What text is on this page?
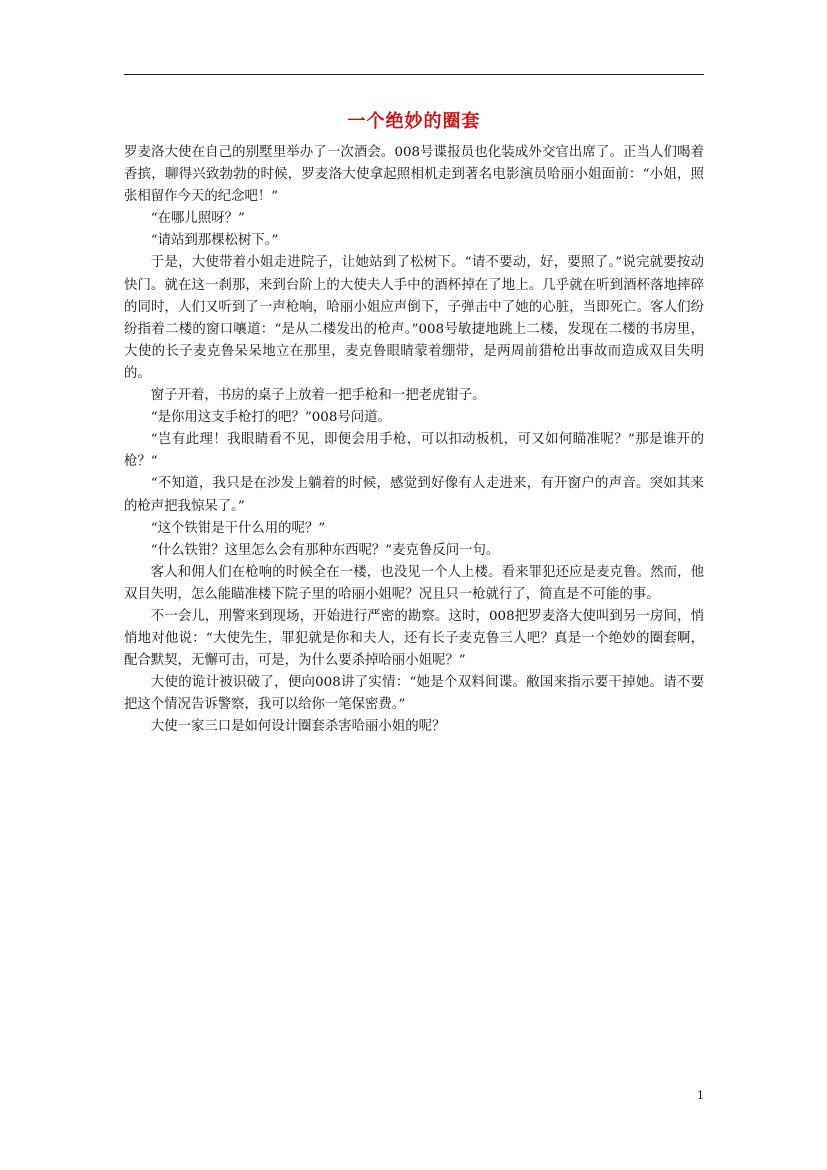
一个绝妙的圈套

罗麦洛大使在自己的别墅里举办了一次酒会。008号谍报员也化装成外交官出席了。正当人们喝着香摈，聊得兴致勃勃的时候，罗麦洛大使拿起照相机走到著名电影演员哈丽小姐面前：“小姐，照张相留作今天的纪念吧！”

“在哪儿照呀？”

“请站到那棵松树下。”

于是，大使带着小姐走进院子，让她站到了松树下。“请不要动，好，要照了。”说完就要按动快门。就在这一刹那，来到台阶上的大使夫人手中的酒杯掉在了地上。几乎就在听到酒杯落地摔碎的同时，人们又听到了一声枪响，哈丽小姐应声倒下，子弹击中了她的心脏，当即死亡。客人们纷纷指着二楼的窗口嚷道：“是从二楼发出的枪声。”008号敏捷地跳上二楼，发现在二楼的书房里，大使的长子麦克鲁呆呆地立在那里，麦克鲁眼睛蒙着绷带，是两周前猎枪出事故而造成双目失明的。

窗子开着，书房的桌子上放着一把手枪和一把老虎钳子。

“是你用这支手枪打的吧？”008号问道。

“岂有此理！我眼睛看不见，即便会用手枪，可以扣动板机，可又如何瞄准呢？”那是谁开的枪？“

“不知道，我只是在沙发上躺着的时候，感觉到好像有人走进来，有开窗户的声音。突如其来的枪声把我惊呆了。”

“这个铁钳是干什么用的呢？”

“什么铁钳？这里怎么会有那种东西呢？”麦克鲁反问一句。

客人和佣人们在枪响的时候全在一楼，也没见一个人上楼。看来罪犯还应是麦克鲁。然而，他双目失明，怎么能瞄准楼下院子里的哈丽小姐呢？况且只一枪就行了，简直是不可能的事。

不一会儿，刑警来到现场，开始进行严密的勘察。这时，008把罗麦洛大使叫到另一房间，悄悄地对他说：“大使先生，罪犯就是你和夫人，还有长子麦克鲁三人吧？真是一个绝妙的圈套啊，配合默契，无懈可击，可是，为什么要杀掉哈丽小姐呢？”

大使的诡计被识破了，便向008讲了实情：“她是个双料间谍。敝国来指示要干掉她。请不要把这个情况告诉警察，我可以给你一笔保密费。”

大使一家三口是如何设计圈套杀害哈丽小姐的呢？

1
